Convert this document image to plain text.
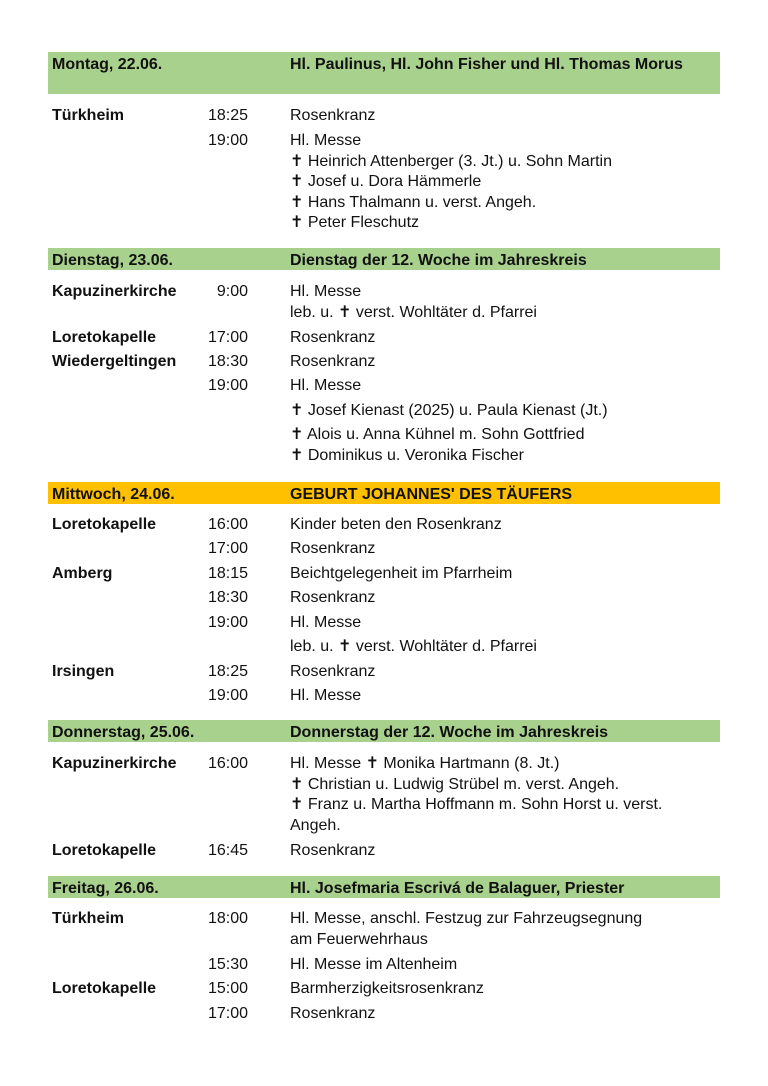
Montag, 22.06.	Hl. Paulinus, Hl. John Fisher und Hl. Thomas Morus
Türkheim	18:25	Rosenkranz
19:00	Hl. Messe
✝ Heinrich Attenberger (3. Jt.) u. Sohn Martin
✝ Josef u. Dora Hämmerle
✝ Hans Thalmann u. verst. Angeh.
✝ Peter Fleschutz
Dienstag, 23.06.	Dienstag der 12. Woche im Jahreskreis
Kapuzinerkirche	9:00	Hl. Messe
leb. u. ✝ verst. Wohltäter d. Pfarrei
Loretokapelle	17:00	Rosenkranz
Wiedergeltingen	18:30	Rosenkranz
19:00	Hl. Messe
✝ Josef Kienast (2025) u. Paula Kienast (Jt.)
✝ Alois u. Anna Kühnel m. Sohn Gottfried
✝ Dominikus u. Veronika Fischer
Mittwoch, 24.06.	GEBURT JOHANNES' DES TÄUFERS
Loretokapelle	16:00	Kinder beten den Rosenkranz
17:00	Rosenkranz
Amberg	18:15	Beichtgelegenheit im Pfarrheim
18:30	Rosenkranz
19:00	Hl. Messe
leb. u. ✝ verst. Wohltäter d. Pfarrei
Irsingen	18:25	Rosenkranz
19:00	Hl. Messe
Donnerstag, 25.06.	Donnerstag der 12. Woche im Jahreskreis
Kapuzinerkirche	16:00	Hl. Messe ✝ Monika Hartmann (8. Jt.)
✝ Christian u. Ludwig Strübel m. verst. Angeh.
✝ Franz u. Martha Hoffmann m. Sohn Horst u. verst.
Angeh.
Loretokapelle	16:45	Rosenkranz
Freitag, 26.06.	Hl. Josefmaria Escrivá de Balaguer, Priester
Türkheim	18:00	Hl. Messe, anschl. Festzug zur Fahrzeugsegnung
am Feuerwehrhaus
15:30	Hl. Messe im Altenheim
Loretokapelle	15:00	Barmherzigkeitsrosenkranz
17:00	Rosenkranz
